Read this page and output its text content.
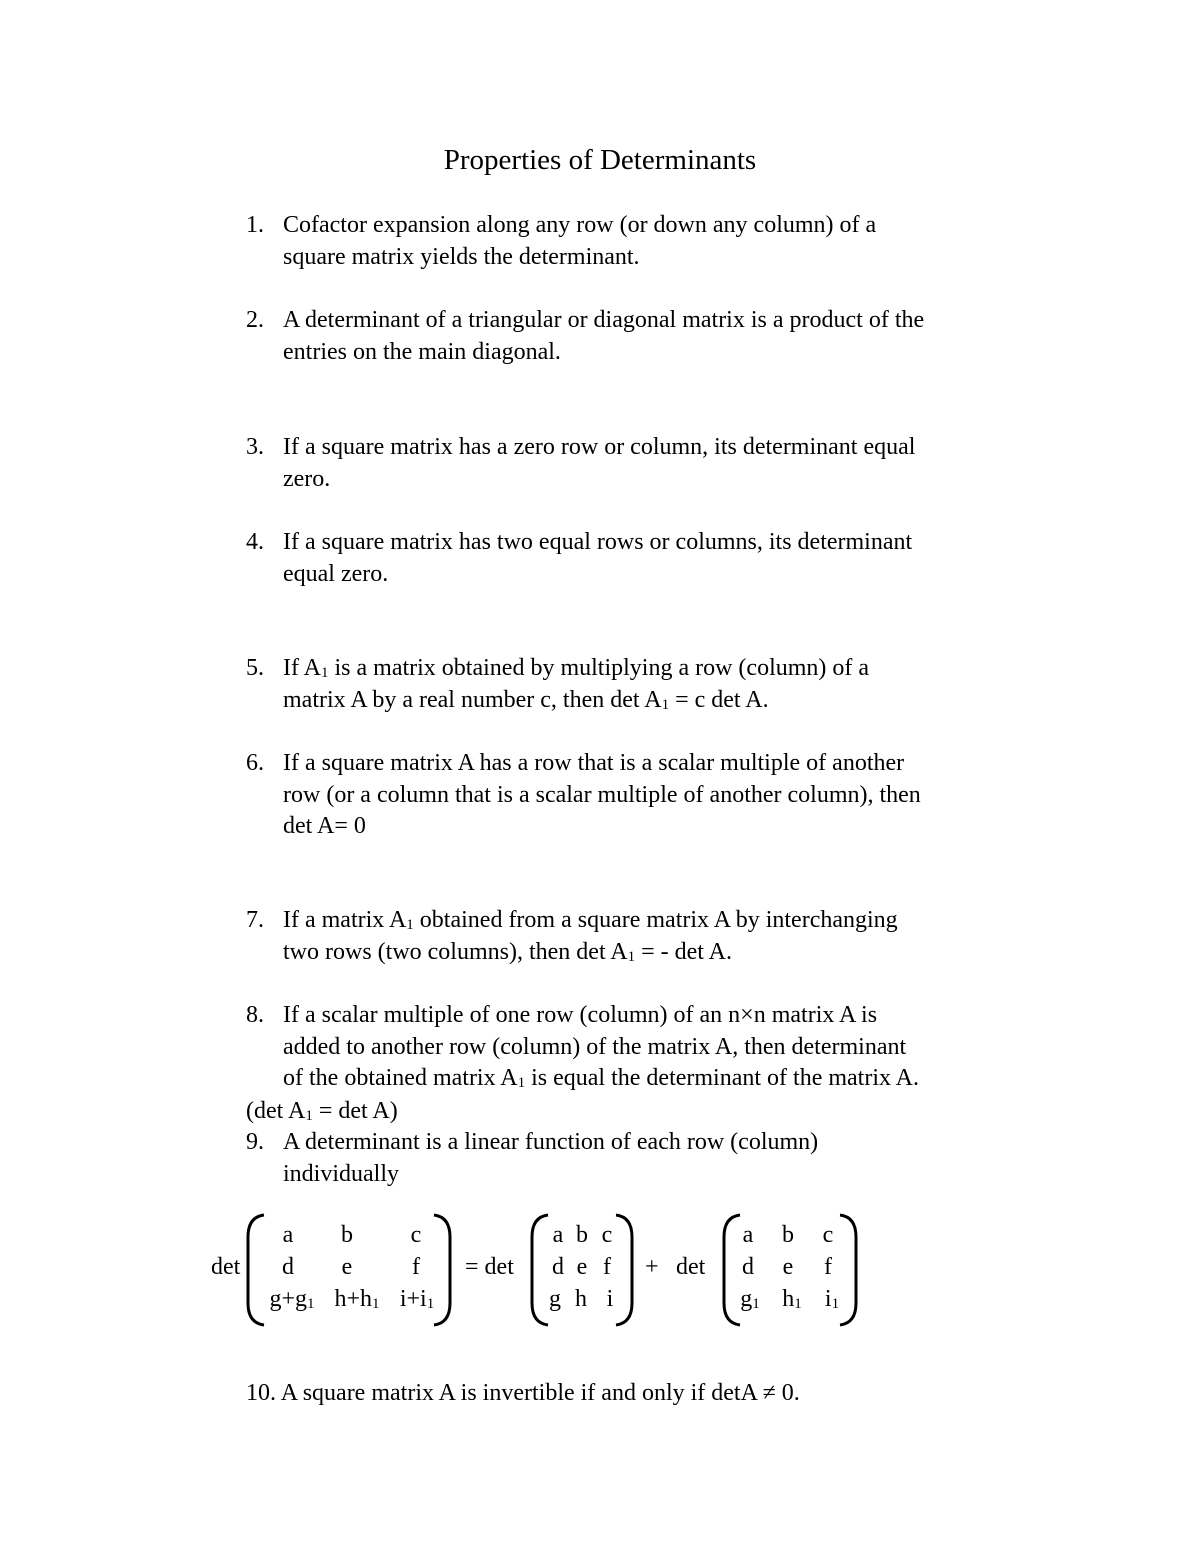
Properties of Determinants
1. Cofactor expansion along any row (or down any column) of a
square matrix yields the determinant.
2. A determinant of a triangular or diagonal matrix is a product of the
entries on the main diagonal.
3. If a square matrix has a zero row or column, its determinant equal
zero.
4. If a square matrix has two equal rows or columns, its determinant
equal zero.
5. If $A_1$ is a matrix obtained by multiplying a row (column) of a
matrix A by a real number c, then $\det A_1 = c$ det A.
6. If a square matrix A has a row that is a scalar multiple of another
row (or a column that is a scalar multiple of another column), then
det A= 0
7. If a matrix $A_1$ obtained from a square matrix A by interchanging
two rows (two columns), then $\det A_1$ = - det A.
8. If a scalar multiple of one row (column) of an n×n matrix A is
added to another row (column) of the matrix A, then determinant
of the obtained matrix $A_1$ is equal the determinant of the matrix A.
(det $A_1 = \det A$)
9. A determinant is a linear function of each row (column)
individually
det
a b c
d e f
$g+g_1$ $h+h_1$ $i+i_1$
= det
a b c
d e f
g h i
+ det
a b c
d e f
$g_1$ $h_1$ $i_1$
10. A square matrix A is invertible if and only if detA ≠ 0.
